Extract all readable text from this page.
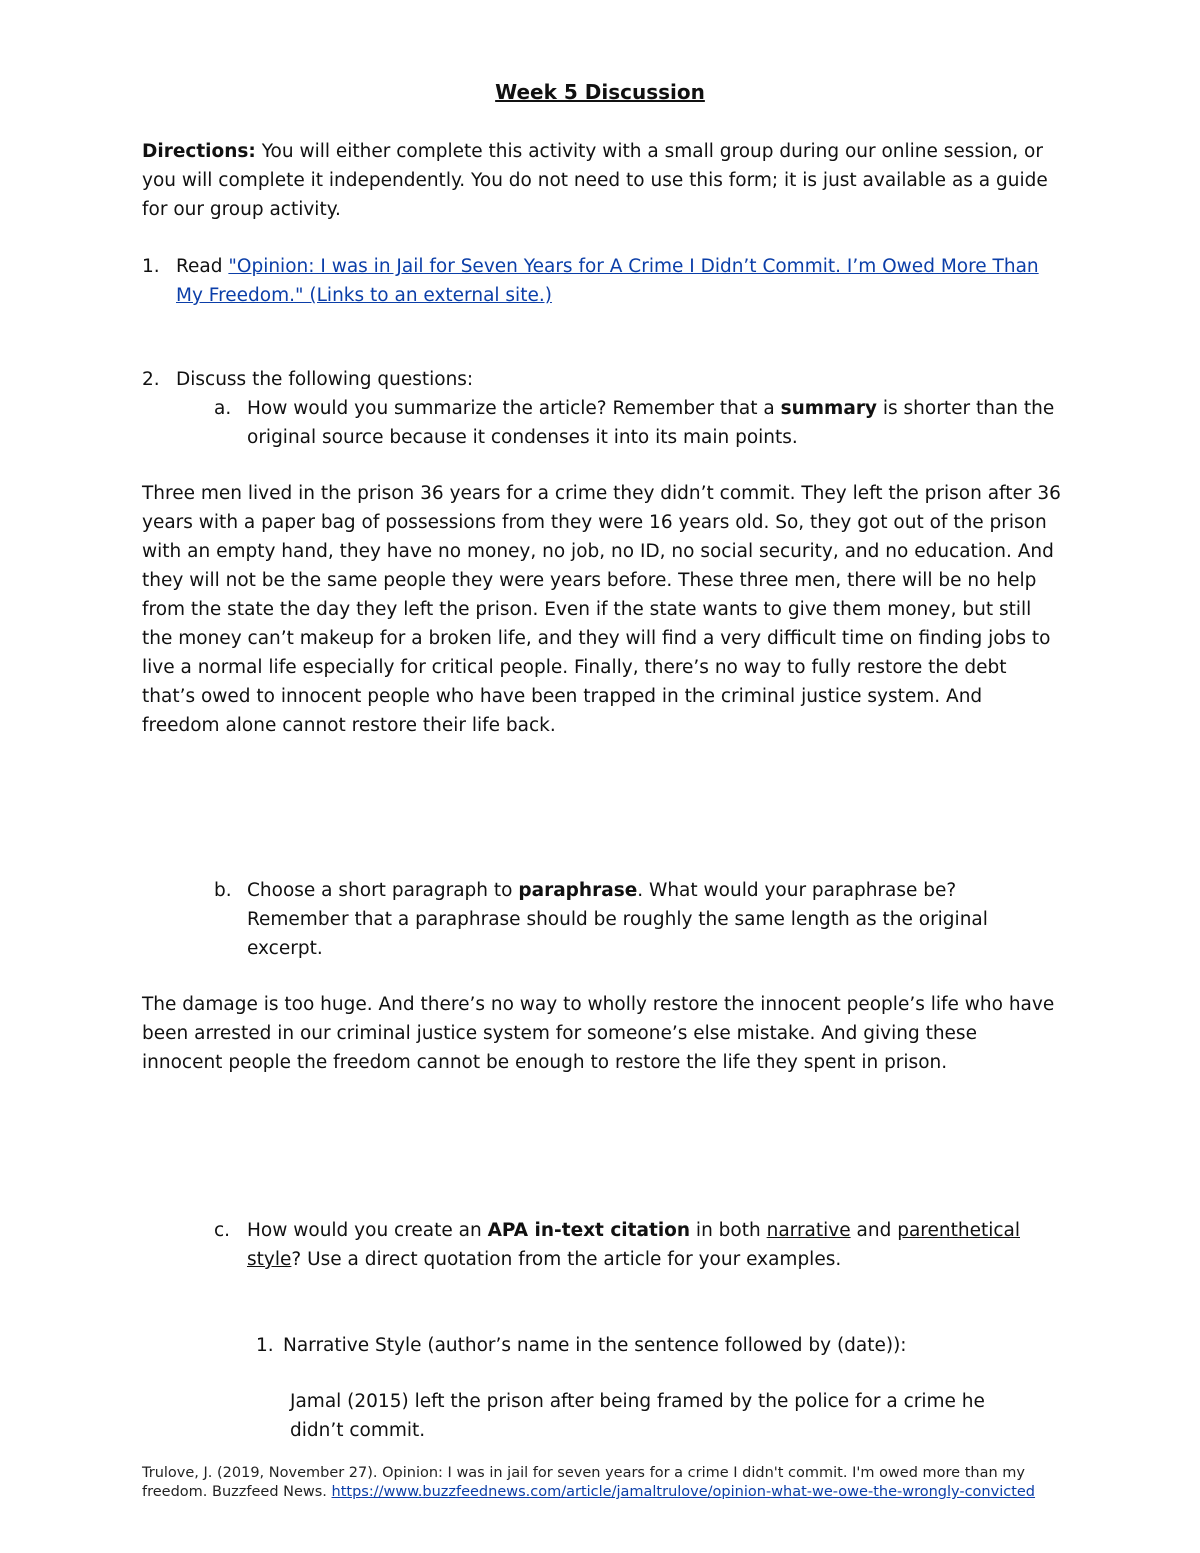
Week 5 Discussion

Directions: You will either complete this activity with a small group during our online session, or you will complete it independently. You do not need to use this form; it is just available as a guide for our group activity.

1. Read "Opinion: I was in Jail for Seven Years for A Crime I Didn’t Commit. I’m Owed More Than My Freedom." (Links to an external site.)

2. Discuss the following questions:
a. How would you summarize the article? Remember that a summary is shorter than the original source because it condenses it into its main points.

Three men lived in the prison 36 years for a crime they didn’t commit. They left the prison after 36 years with a paper bag of possessions from they were 16 years old. So, they got out of the prison with an empty hand, they have no money, no job, no ID, no social security, and no education. And they will not be the same people they were years before. These three men, there will be no help from the state the day they left the prison. Even if the state wants to give them money, but still the money can’t makeup for a broken life, and they will find a very difficult time on finding jobs to live a normal life especially for critical people. Finally, there’s no way to fully restore the debt that’s owed to innocent people who have been trapped in the criminal justice system. And freedom alone cannot restore their life back.

b. Choose a short paragraph to paraphrase. What would your paraphrase be? Remember that a paraphrase should be roughly the same length as the original excerpt.

The damage is too huge. And there’s no way to wholly restore the innocent people’s life who have been arrested in our criminal justice system for someone’s else mistake. And giving these innocent people the freedom cannot be enough to restore the life they spent in prison.

c. How would you create an APA in-text citation in both narrative and parenthetical style? Use a direct quotation from the article for your examples.

1. Narrative Style (author’s name in the sentence followed by (date)):

Jamal (2015) left the prison after being framed by the police for a crime he didn’t commit.

Trulove, J. (2019, November 27). Opinion: I was in jail for seven years for a crime I didn't commit. I'm owed more than my freedom. Buzzfeed News. https://www.buzzfeednews.com/article/jamaltrulove/opinion-what-we-owe-the-wrongly-convicted
